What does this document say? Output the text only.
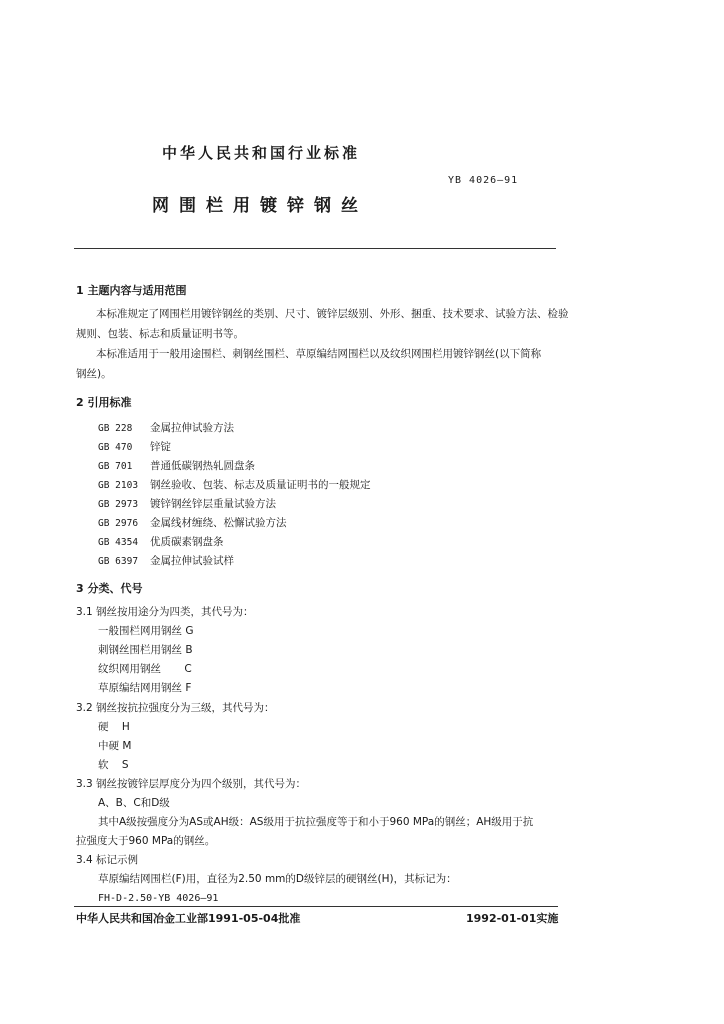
中华人民共和国行业标准
YB 4026—91
网围栏用镀锌钢丝
1 主题内容与适用范围
本标准规定了网围栏用镀锌钢丝的类别、尺寸、镀锌层级别、外形、捆重、技术要求、试验方法、检验
规则、包装、标志和质量证明书等。
本标准适用于一般用途围栏、刺钢丝围栏、草原编结网围栏以及纹织网围栏用镀锌钢丝(以下简称
钢丝)。
2 引用标准
GB 228 金属拉伸试验方法
GB 470 锌锭
GB 701 普通低碳钢热轧圆盘条
GB 2103 钢丝验收、包装、标志及质量证明书的一般规定
GB 2973 镀锌钢丝锌层重量试验方法
GB 2976 金属线材缠绕、松懈试验方法
GB 4354 优质碳素钢盘条
GB 6397 金属拉伸试验试样
3 分类、代号
3.1 钢丝按用途分为四类，其代号为：
一般围栏网用钢丝 G
刺钢丝围栏用钢丝 B
纹织网用钢丝       C
草原编结网用钢丝 F
3.2 钢丝按抗拉强度分为三级，其代号为：
硬    H
中硬 M
软    S
3.3 钢丝按镀锌层厚度分为四个级别，其代号为：
A、B、C和D级
其中A级按强度分为AS或AH级：AS级用于抗拉强度等于和小于960 MPa的钢丝；AH级用于抗
拉强度大于960 MPa的钢丝。
3.4 标记示例
草原编结网围栏(F)用，直径为2.50 mm的D级锌层的硬钢丝(H)，其标记为：
FH-D-2.50-YB 4026—91
中华人民共和国冶金工业部1991-05-04批准	1992-01-01实施
